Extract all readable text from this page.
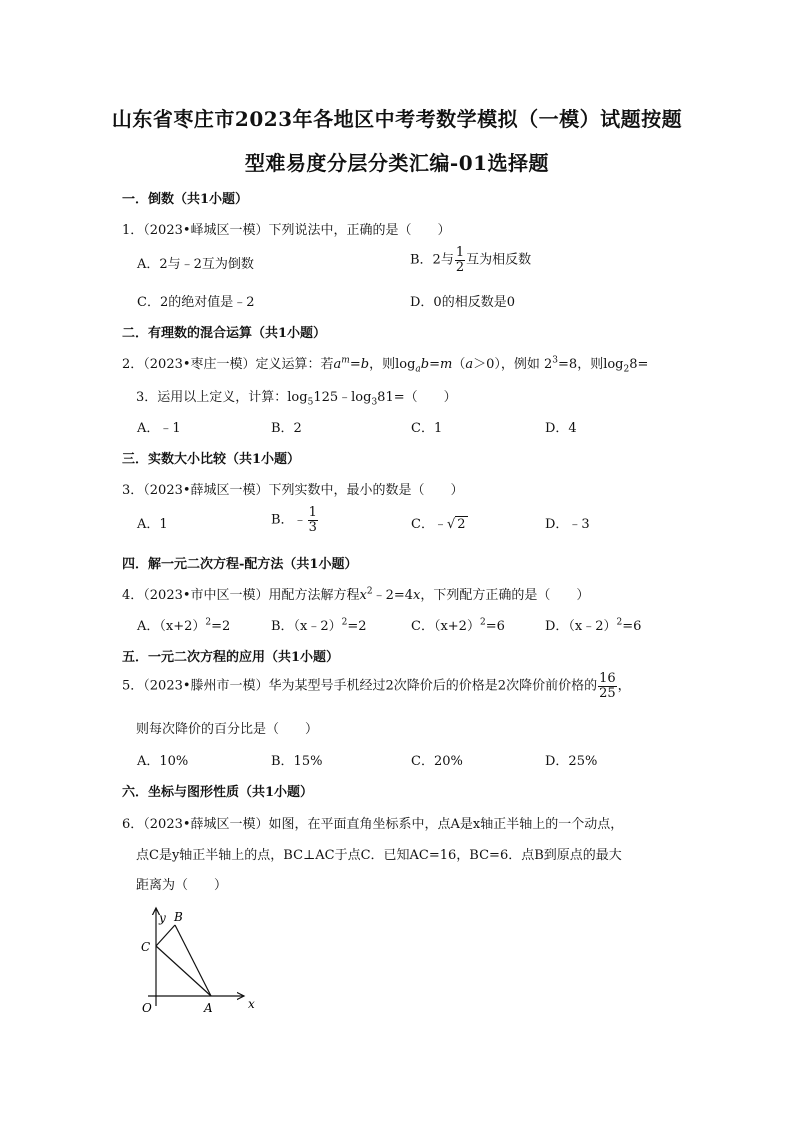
山东省枣庄市2023年各地区中考考数学模拟（一模）试题按题
型难易度分层分类汇编-01选择题
一．倒数（共1小题）
1．（2023•峄城区一模）下列说法中，正确的是（　　）
A．2与﹣2互为倒数	B．2与 $\frac{1}{2}$ 互为相反数
C．2的绝对值是﹣2	D．0的相反数是0
二．有理数的混合运算（共1小题）
2．（2023•枣庄一模）定义运算：若$a^m=b$，则$\log_ab=m(a>0)$，例如 $2^3=8$，则$\log_28=$
3．运用以上定义，计算：$\log_5125﹣\log_381=$（　　）
A．﹣1	B．2	C．1	D．4
三．实数大小比较（共1小题）
3．（2023•薛城区一模）下列实数中，最小的数是（　　）
A．1	B．﹣ $\frac{1}{3}$	C．﹣√ 2	D．﹣3
四．解一元二次方程-配方法（共1小题）
4．（2023•市中区一模）用配方法解方程$x^2﹣2=4x$，下列配方正确的是（　　）
A．$(x+2)^2=2$	B．（x﹣2）$^2$=2	C．$(x+2)^2=6$	D．（x﹣2）$^2$=6
五．一元二次方程的应用（共1小题）
5．（2023•滕州市一模）华为某型号手机经过2次降价后的价格是2次降价前价格的 $\frac{16}{25}$ ，
则每次降价的百分比是（　　）
A．10%	B．15%	C．20%	D．25%
六．坐标与图形性质（共1小题）
6．（2023•薛城区一模）如图，在平面直角坐标系中，点A是x轴正半轴上的一个动点，
点C是y轴正半轴上的点，BC⊥AC于点C．已知AC=16，BC=6．点B到原点的最大
距离为（　　）
y
x
O	A
B
C
